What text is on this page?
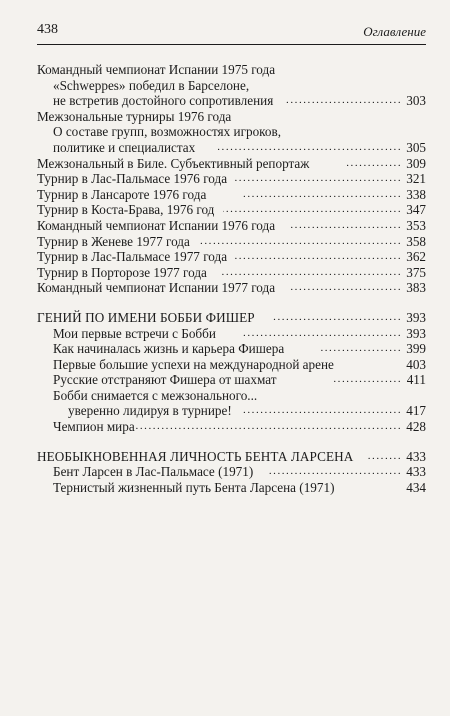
438	Оглавление
Командный чемпионат Испании 1975 года
«Schweppes» победил в Барселоне,
не встретив достойного сопротивления . . .	303
Межзональные турниры 1976 года
О составе групп, возможностях игроков,
политике и специалистах . . .	305
Межзональный в Биле. Субъективный репортаж . . .	309
Турнир в Лас-Пальмасе 1976 года . . .	321
Турнир в Лансароте 1976 года . . .	338
Турнир в Коста-Брава, 1976 год . . .	347
Командный чемпионат Испании 1976 года . . .	353
Турнир в Женеве 1977 года . . .	358
Турнир в Лас-Пальмасе 1977 года . . .	362
Турнир в Порторозе 1977 года . . .	375
Командный чемпионат Испании 1977 года . . .	383
ГЕНИЙ ПО ИМЕНИ БОББИ ФИШЕР . . .	393
Мои первые встречи с Бобби . . .	393
Как начиналась жизнь и карьера Фишера . . .	399
Первые большие успехи на международной арене	403
Русские отстраняют Фишера от шахмат . . .	411
Бобби снимается с межзонального...
уверенно лидируя в турнире! . . .	417
Чемпион мира . . .	428
НЕОБЫКНОВЕННАЯ ЛИЧНОСТЬ БЕНТА ЛАРСЕНА . . .	433
Бент Ларсен в Лас-Пальмасе (1971) . . .	433
Тернистый жизненный путь Бента Ларсена (1971)	434
